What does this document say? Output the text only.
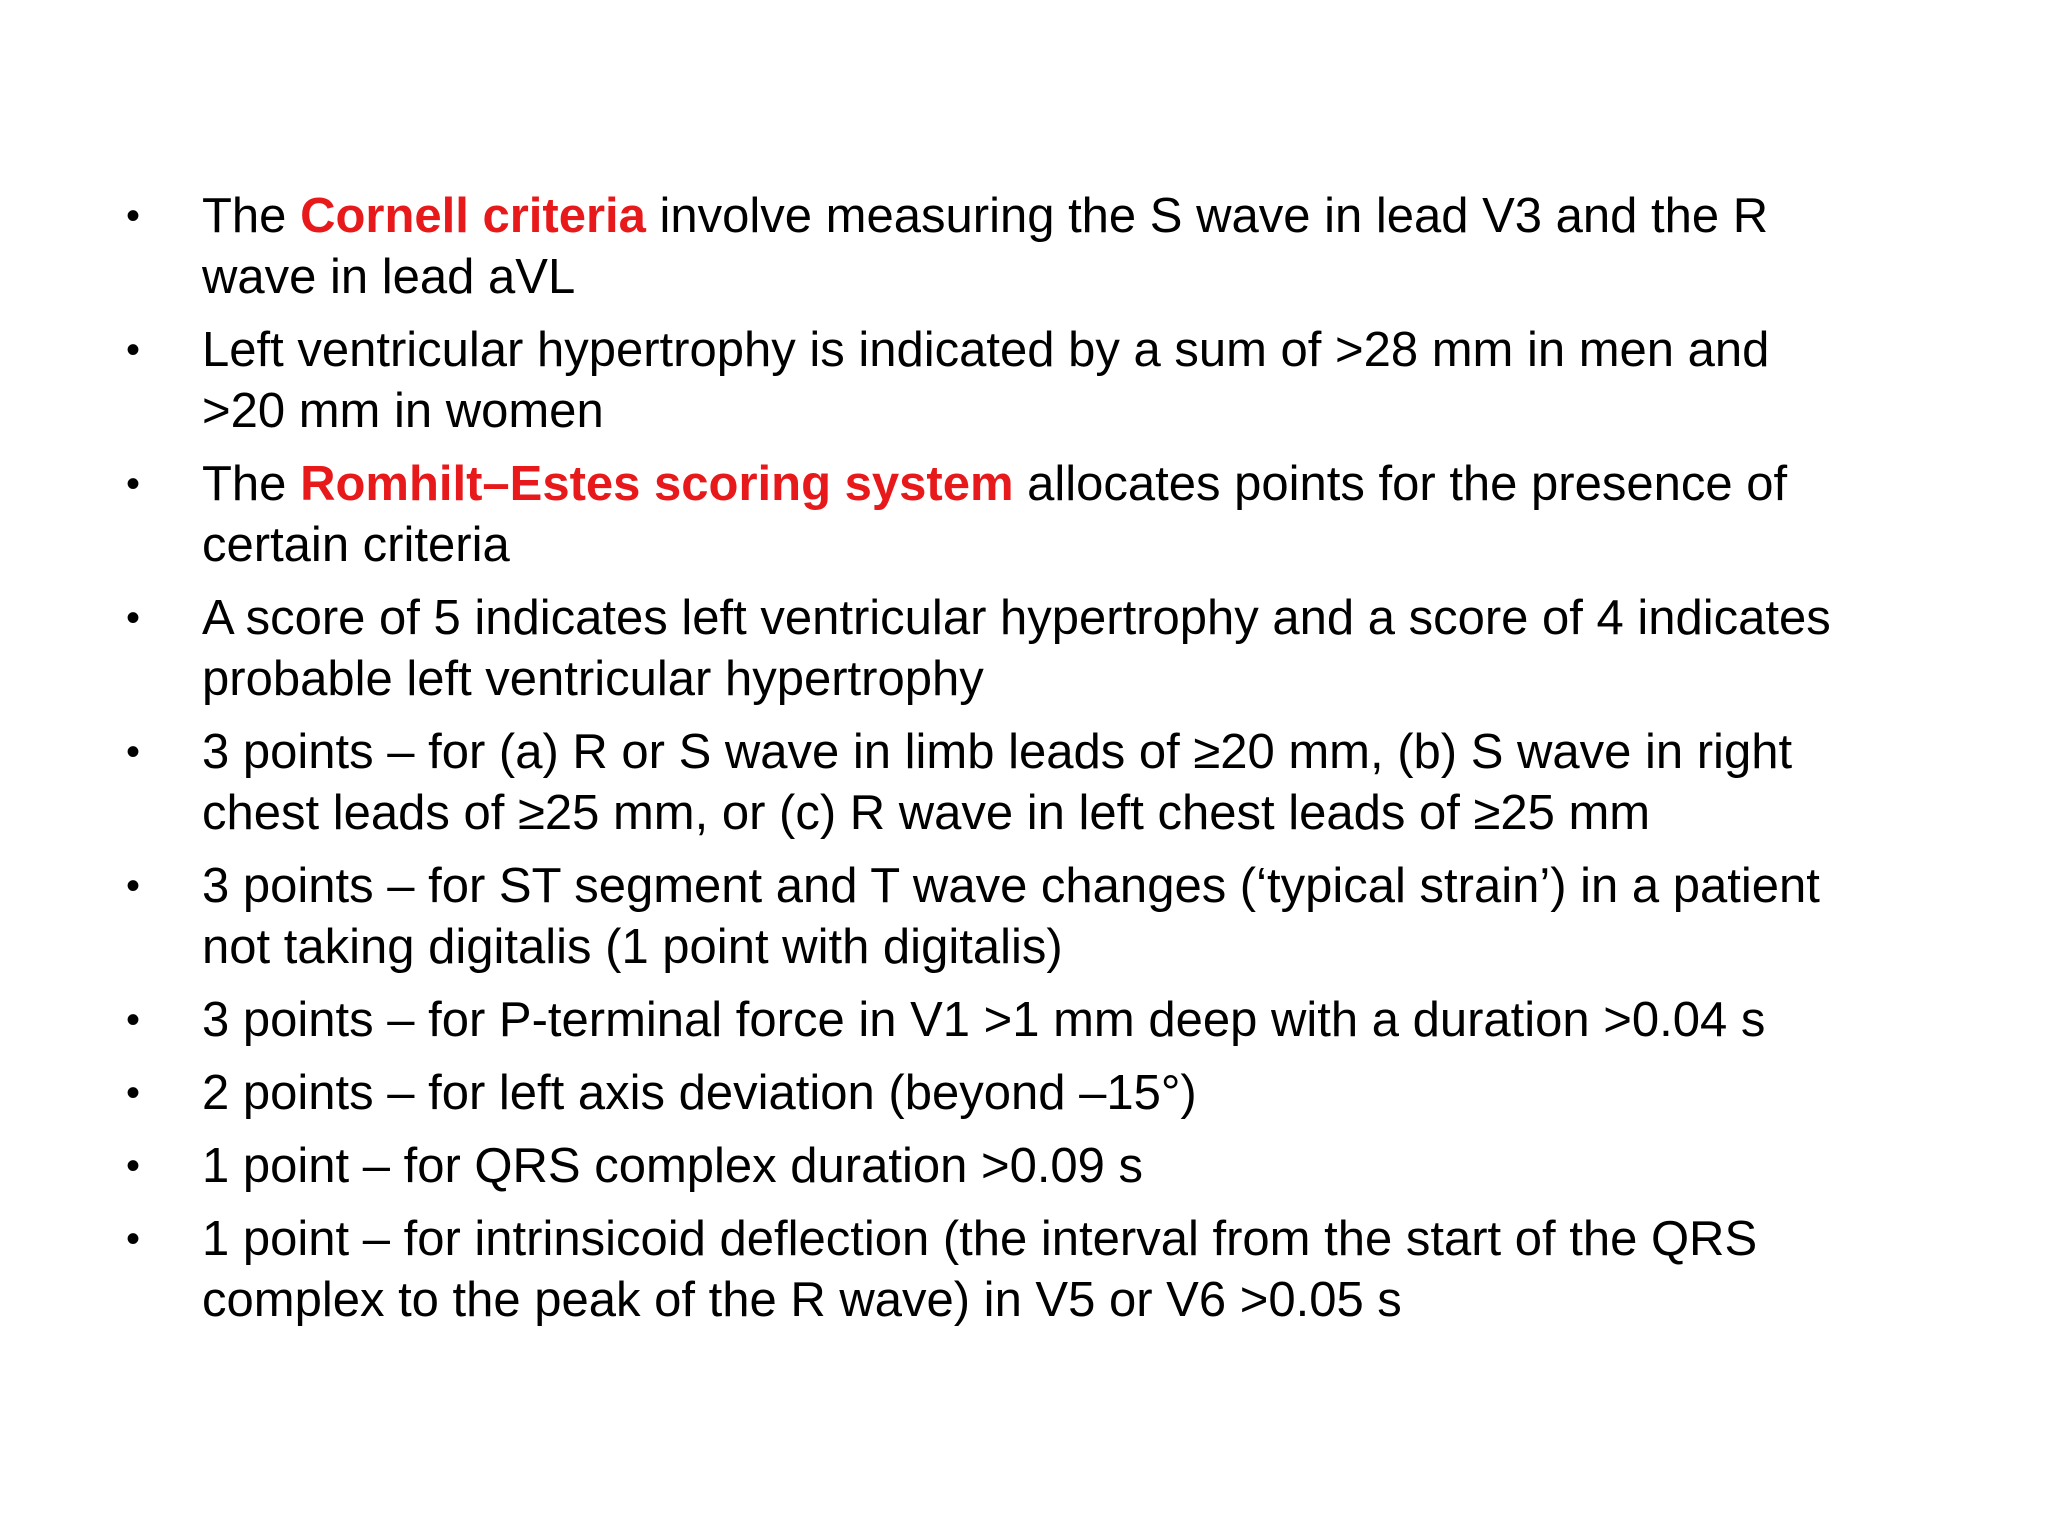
•	The Cornell criteria involve measuring the S wave in lead V3 and the R
wave in lead aVL
•	Left ventricular hypertrophy is indicated by a sum of >28 mm in men and
>20 mm in women
•	The Romhilt–Estes scoring system allocates points for the presence of
certain criteria
•	A score of 5 indicates left ventricular hypertrophy and a score of 4 indicates
probable left ventricular hypertrophy
•	3 points – for (a) R or S wave in limb leads of ≥20 mm, (b) S wave in right
chest leads of ≥25 mm, or (c) R wave in left chest leads of ≥25 mm
•	3 points – for ST segment and T wave changes (‘typical strain’) in a patient
not taking digitalis (1 point with digitalis)
•	3 points – for P-terminal force in V1 >1 mm deep with a duration >0.04 s
•	2 points – for left axis deviation (beyond –15°)
•	1 point – for QRS complex duration >0.09 s
•	1 point – for intrinsicoid deflection (the interval from the start of the QRS
complex to the peak of the R wave) in V5 or V6 >0.05 s
